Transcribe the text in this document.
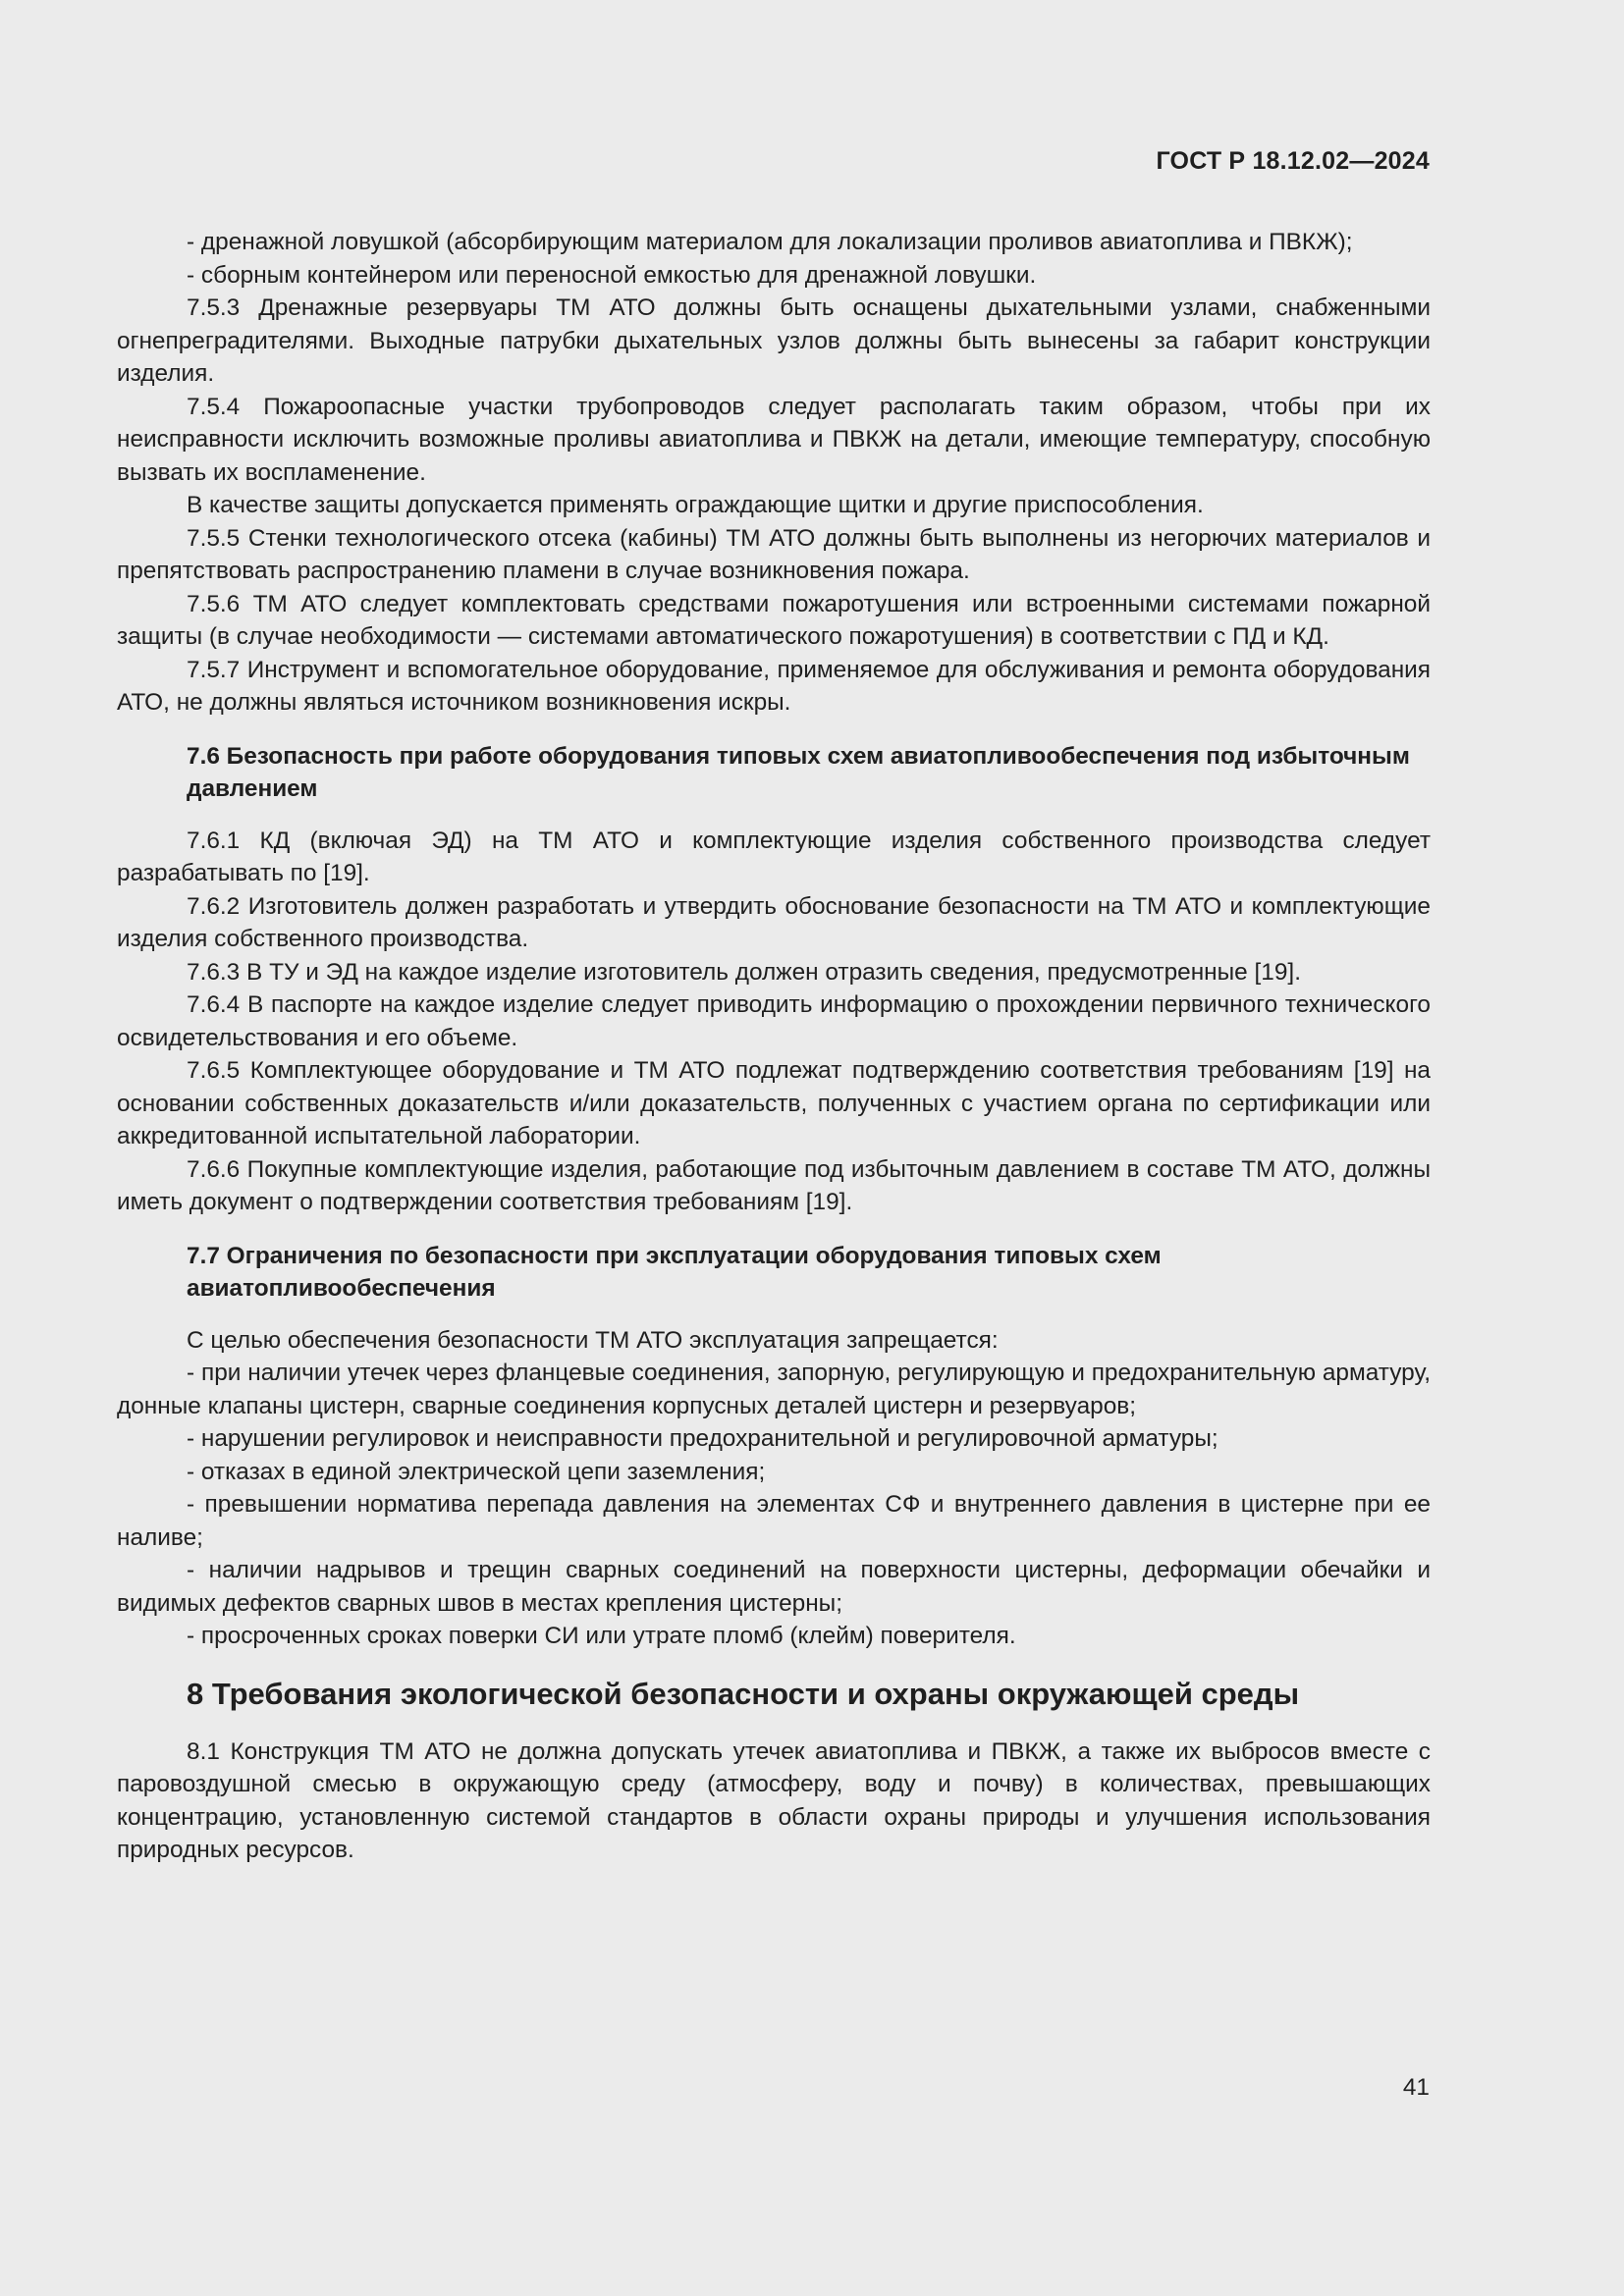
ГОСТ Р 18.12.02—2024

- дренажной ловушкой (абсорбирующим материалом для локализации проливов авиатоплива и ПВКЖ);

- сборным контейнером или переносной емкостью для дренажной ловушки.

7.5.3 Дренажные резервуары ТМ АТО должны быть оснащены дыхательными узлами, снабженными огнепреградителями. Выходные патрубки дыхательных узлов должны быть вынесены за габарит конструкции изделия.

7.5.4 Пожароопасные участки трубопроводов следует располагать таким образом, чтобы при их неисправности исключить возможные проливы авиатоплива и ПВКЖ на детали, имеющие температуру, способную вызвать их воспламенение.

В качестве защиты допускается применять ограждающие щитки и другие приспособления.

7.5.5 Стенки технологического отсека (кабины) ТМ АТО должны быть выполнены из негорючих материалов и препятствовать распространению пламени в случае возникновения пожара.

7.5.6 ТМ АТО следует комплектовать средствами пожаротушения или встроенными системами пожарной защиты (в случае необходимости — системами автоматического пожаротушения) в соответствии с ПД и КД.

7.5.7 Инструмент и вспомогательное оборудование, применяемое для обслуживания и ремонта оборудования АТО, не должны являться источником возникновения искры.

7.6 Безопасность при работе оборудования типовых схем авиатопливообеспечения под избыточным давлением

7.6.1 КД (включая ЭД) на ТМ АТО и комплектующие изделия собственного производства следует разрабатывать по [19].

7.6.2 Изготовитель должен разработать и утвердить обоснование безопасности на ТМ АТО и комплектующие изделия собственного производства.

7.6.3 В ТУ и ЭД на каждое изделие изготовитель должен отразить сведения, предусмотренные [19].

7.6.4 В паспорте на каждое изделие следует приводить информацию о прохождении первичного технического освидетельствования и его объеме.

7.6.5 Комплектующее оборудование и ТМ АТО подлежат подтверждению соответствия требованиям [19] на основании собственных доказательств и/или доказательств, полученных с участием органа по сертификации или аккредитованной испытательной лаборатории.

7.6.6 Покупные комплектующие изделия, работающие под избыточным давлением в составе ТМ АТО, должны иметь документ о подтверждении соответствия требованиям [19].

7.7 Ограничения по безопасности при эксплуатации оборудования типовых схем авиатопливообеспечения

С целью обеспечения безопасности ТМ АТО эксплуатация запрещается:

- при наличии утечек через фланцевые соединения, запорную, регулирующую и предохранительную арматуру, донные клапаны цистерн, сварные соединения корпусных деталей цистерн и резервуаров;

- нарушении регулировок и неисправности предохранительной и регулировочной арматуры;

- отказах в единой электрической цепи заземления;

- превышении норматива перепада давления на элементах СФ и внутреннего давления в цистерне при ее наливе;

- наличии надрывов и трещин сварных соединений на поверхности цистерны, деформации обечайки и видимых дефектов сварных швов в местах крепления цистерны;

- просроченных сроках поверки СИ или утрате пломб (клейм) поверителя.

8 Требования экологической безопасности и охраны окружающей среды

8.1 Конструкция ТМ АТО не должна допускать утечек авиатоплива и ПВКЖ, а также их выбросов вместе с паровоздушной смесью в окружающую среду (атмосферу, воду и почву) в количествах, превышающих концентрацию, установленную системой стандартов в области охраны природы и улучшения использования природных ресурсов.

41
